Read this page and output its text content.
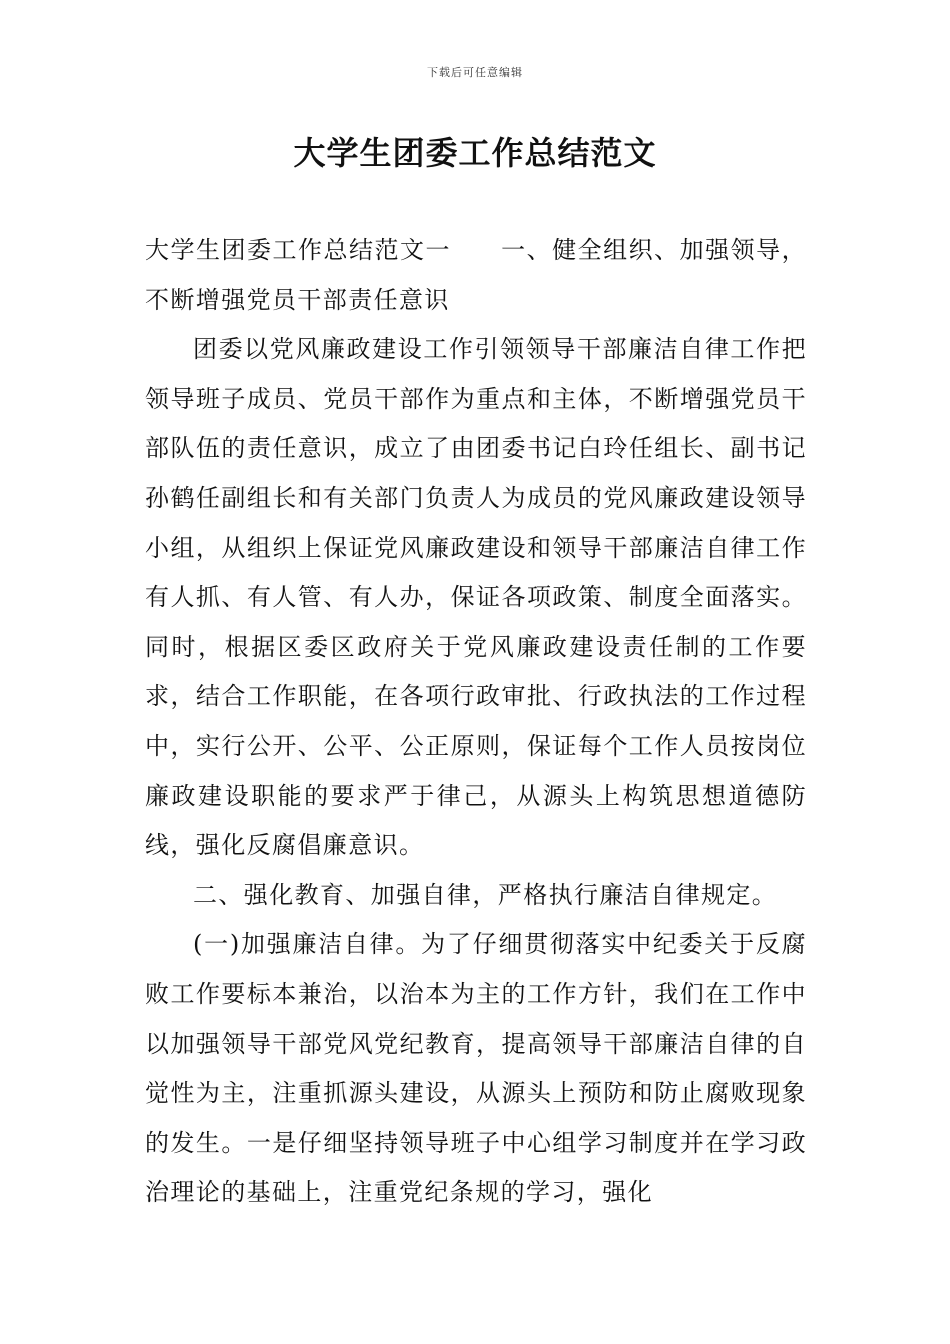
下载后可任意编辑
大学生团委工作总结范文

大学生团委工作总结范文一 一、健全组织、加强领导，不断增强党员干部责任意识

团委以党风廉政建设工作引领领导干部廉洁自律工作把领导班子成员、党员干部作为重点和主体，不断增强党员干部队伍的责任意识，成立了由团委书记白玲任组长、副书记孙鹤任副组长和有关部门负责人为成员的党风廉政建设领导小组，从组织上保证党风廉政建设和领导干部廉洁自律工作有人抓、有人管、有人办，保证各项政策、制度全面落实。同时，根据区委区政府关于党风廉政建设责任制的工作要求，结合工作职能，在各项行政审批、行政执法的工作过程中，实行公开、公平、公正原则，保证每个工作人员按岗位廉政建设职能的要求严于律己，从源头上构筑思想道德防线，强化反腐倡廉意识。

二、强化教育、加强自律，严格执行廉洁自律规定。

(一)加强廉洁自律。为了仔细贯彻落实中纪委关于反腐败工作要标本兼治，以治本为主的工作方针，我们在工作中以加强领导干部党风党纪教育，提高领导干部廉洁自律的自觉性为主，注重抓源头建设，从源头上预防和防止腐败现象的发生。一是仔细坚持领导班子中心组学习制度并在学习政治理论的基础上，注重党纪条规的学习，强化
